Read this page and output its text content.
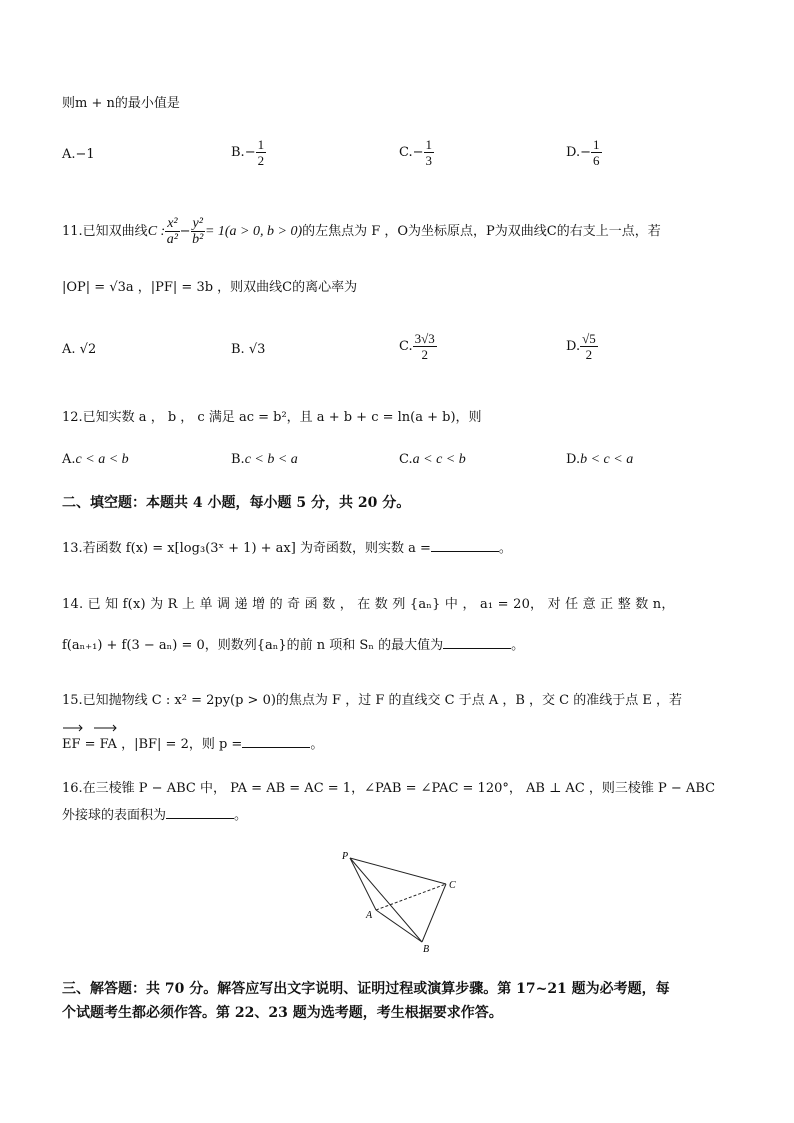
则m + n的最小值是
A.−1	$B.- \frac{1}{2}$	$C.- \frac{1}{3}$	$D.- \frac{1}{6}$
11.已知双曲线C : $\frac{\text{x²}}{\text{a²}} - \frac{\text{y²}}{\text{b²}} = 1(a > 0$, b > 0)的左焦点为 F ，O为坐标原点，P为双曲线C的右支上一点，若
|OP| = √3a ，|PF| = 3b ，则双曲线C的离心率为
A. √2	B. √3	C. $\frac{3√3}{2}$	D. $\frac{√5}{2}$
12.已知实数 a ， b ， c 满足 ac = b²，且 a + b + c = ln(a + b)，则
A.c < a < b	B.c < b < a	C.a < c < b	D.b < c < a
二、填空题：本题共 4 小题，每小题 5 分，共 20 分。
13.若函数 f(x) = x[log₃(3ˣ + 1) + ax] 为奇函数，则实数 a =	。
14. 已 知 f(x) 为 R 上 单 调 递 增 的 奇 函 数 ， 在 数 列 {aₙ} 中 ， a₁ = 20， 对 任 意 正 整 数 n，
f(aₙ₊₁) + f(3 − aₙ) = 0，则数列{aₙ}的前 n 项和 Sₙ 的最大值为	。
15.已知抛物线 C : x² = 2py(p > 0)的焦点为 F ，过 F 的直线交 C 于点 A ，B ，交 C 的准线于点 E ，若
EF = FA ，|BF| = 2，则 p =	。
16.在三棱锥 P − ABC 中， PA = AB = AC = 1，∠PAB = ∠PAC = 120°， AB ⊥ AC ，则三棱锥 P − ABC
外接球的表面积为	。
P
C
A
B
三、解答题：共 70 分。解答应写出文字说明、证明过程或演算步骤。第 17~21 题为必考题，每
个试题考生都必须作答。第 22、23 题为选考题，考生根据要求作答。
